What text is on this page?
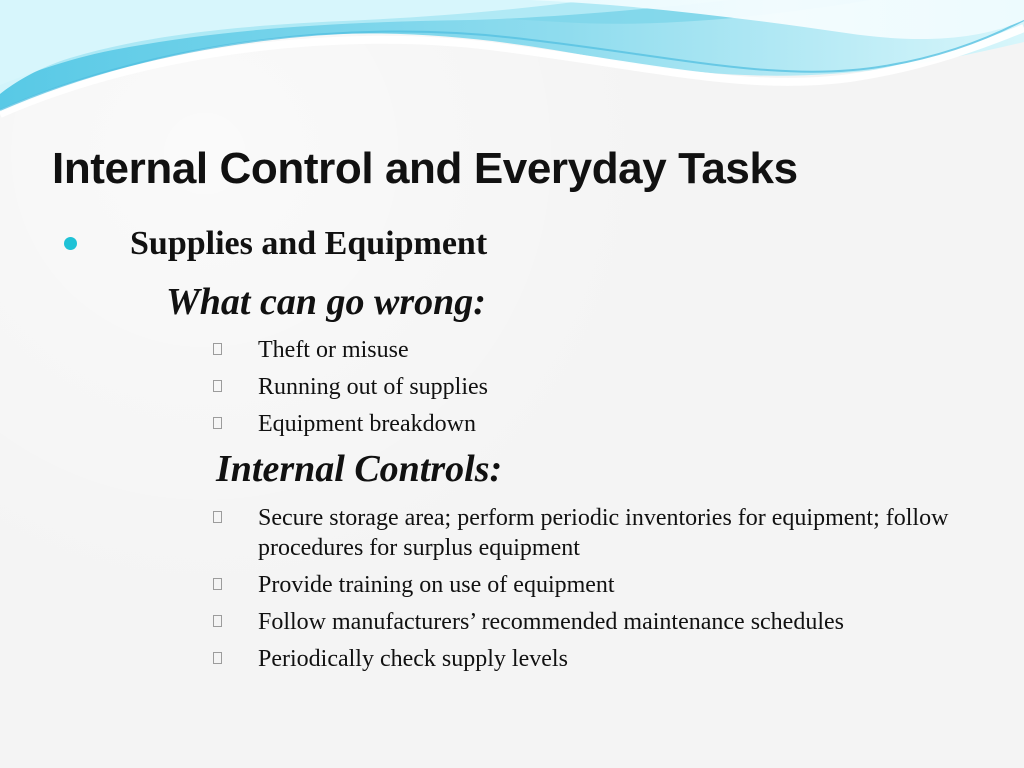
Internal Control and Everyday Tasks
Supplies and Equipment
What can go wrong:
Theft or misuse
Running out of supplies
Equipment breakdown
Internal Controls:
Secure storage area; perform periodic inventories for equipment; follow procedures for surplus equipment
Provide training on use of equipment
Follow manufacturers’ recommended maintenance schedules
Periodically check supply levels
